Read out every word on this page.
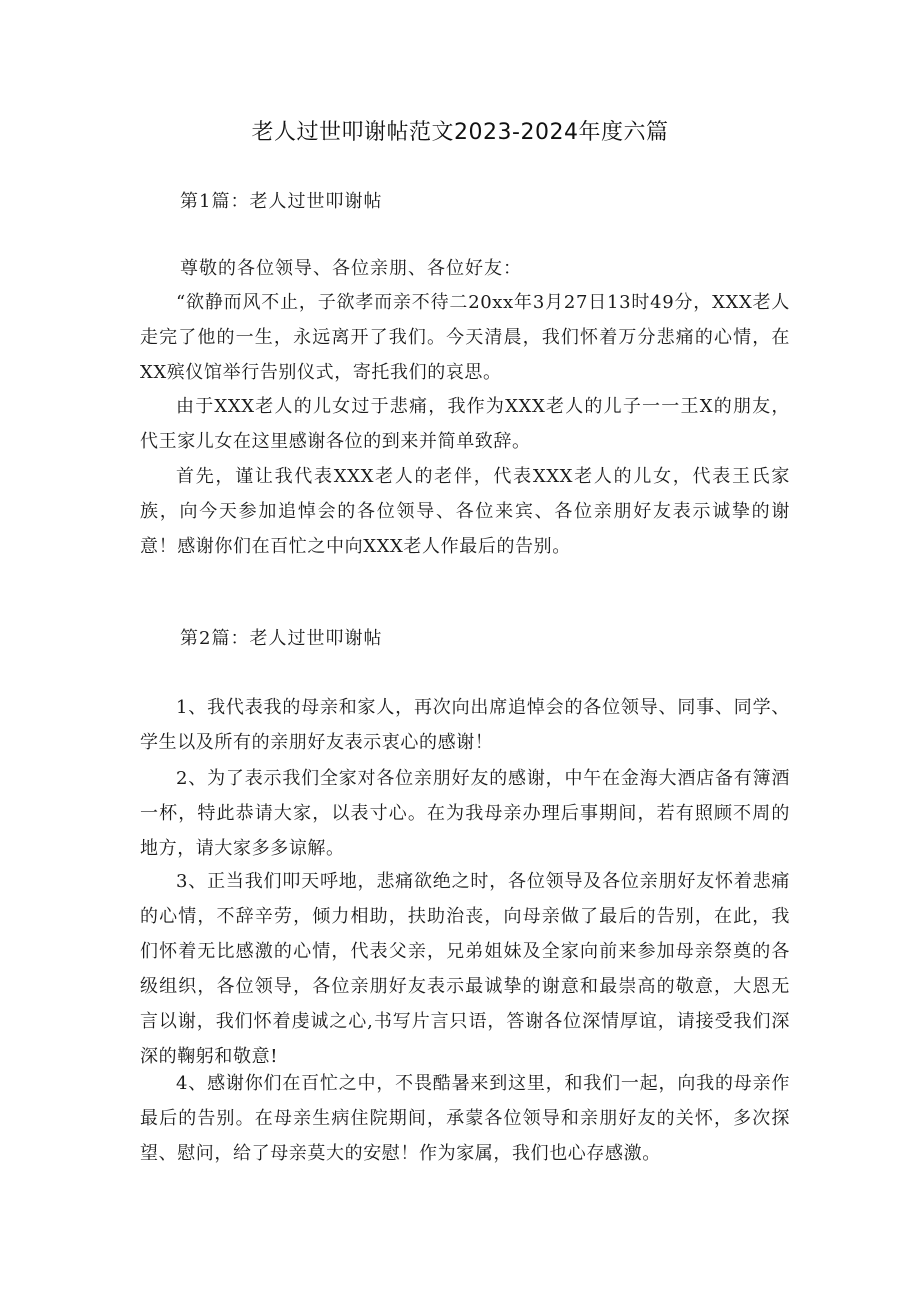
老人过世叩谢帖范文2023-2024年度六篇
第1篇：老人过世叩谢帖
尊敬的各位领导、各位亲朋、各位好友：

“欲静而风不止，子欲孝而亲不待二20xx年3月27日13时49分，XXX老人走完了他的一生，永远离开了我们。今天清晨，我们怀着万分悲痛的心情，在XX殡仪馆举行告别仪式，寄托我们的哀思。

由于XXX老人的儿女过于悲痛，我作为XXX老人的儿子一一王X的朋友，代王家儿女在这里感谢各位的到来并简单致辞。

首先，谨让我代表XXX老人的老伴，代表XXX老人的儿女，代表王氏家族，向今天参加追悼会的各位领导、各位来宾、各位亲朋好友表示诚挚的谢意！感谢你们在百忙之中向XXX老人作最后的告别。

第2篇：老人过世叩谢帖

1、我代表我的母亲和家人，再次向出席追悼会的各位领导、同事、同学、学生以及所有的亲朋好友表示衷心的感谢！

2、为了表示我们全家对各位亲朋好友的感谢，中午在金海大酒店备有簿酒一杯，特此恭请大家，以表寸心。在为我母亲办理后事期间，若有照顾不周的地方，请大家多多谅解。

3、正当我们叩天呼地，悲痛欲绝之时，各位领导及各位亲朋好友怀着悲痛的心情，不辞辛劳，倾力相助，扶助治丧，向母亲做了最后的告别，在此，我们怀着无比感激的心情，代表父亲，兄弟姐妹及全家向前来参加母亲祭奠的各级组织，各位领导，各位亲朋好友表示最诚挚的谢意和最崇高的敬意，大恩无言以谢，我们怀着虔诚之心,书写片言只语，答谢各位深情厚谊，请接受我们深深的鞠躬和敬意!

4、感谢你们在百忙之中，不畏酷暑来到这里，和我们一起，向我的母亲作最后的告别。在母亲生病住院期间，承蒙各位领导和亲朋好友的关怀，多次探望、慰问，给了母亲莫大的安慰！作为家属，我们也心存感激。
